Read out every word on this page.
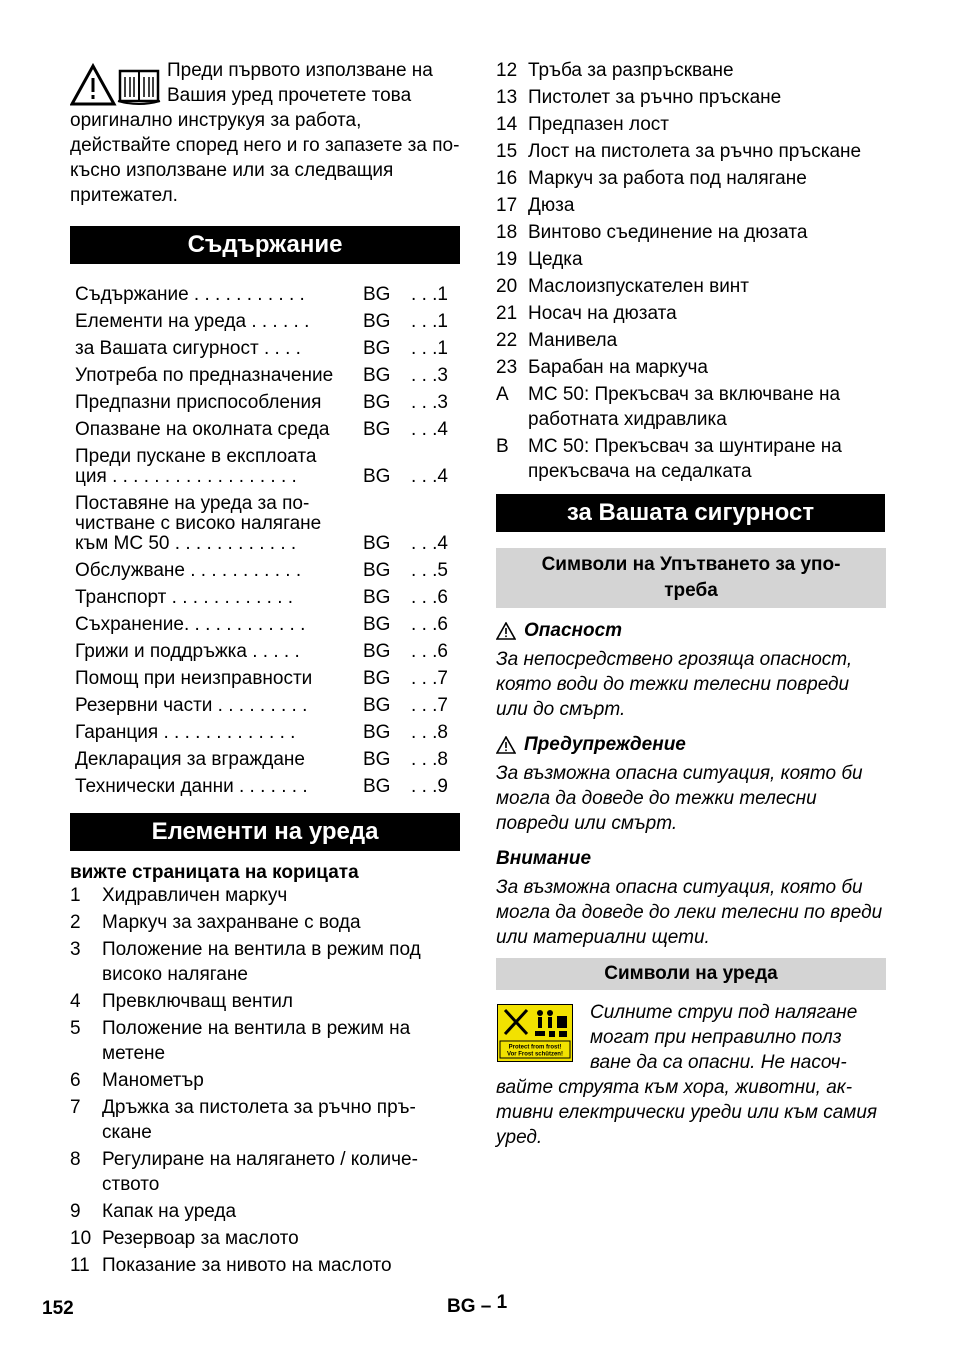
Преди първото използване на

Вашия уред прочетете това

оригинално инструкуя за работа, действайте според него и го запазете за по-късно използване или за следващия притежател.

Съдържание
Съдържание . . . . . . . . . . .	BG	. . .1
Елементи на уреда . . . . . .	BG	. . .1
за Вашата сигурност . . . .	BG	. . .1
Употреба по предназначение	BG	. . .3
Предпазни приспособления	BG	. . .3
Опазване на околната среда	BG	. . .4
Преди пускане в експлоата
ция . . . . . . . . . . . . . . . . . .	BG	. . .4
Поставяне на уреда за по-
чистване с високо налягане
към MC 50 . . . . . . . . . . . .	BG	. . .4
Обслужване . . . . . . . . . . .	BG	. . .5
Транспорт . . . . . . . . . . . .	BG	. . .6
Съхранение. . . . . . . . . . . .	BG	. . .6
Грижи и поддръжка . . . . .	BG	. . .6
Помощ при неизправности	BG	. . .7
Резервни части . . . . . . . . .	BG	. . .7
Гаранция . . . . . . . . . . . . .	BG	. . .8
Декларация за вграждане	BG	. . .8
Технически данни . . . . . . .	BG	. . .9
Елементи на уреда
вижте страницата на корицата
1	Хидравличен маркуч
2	Маркуч за захранване с вода
3	Положение на вентила в режим под високо налягане
4	Превключващ вентил
5	Положение на вентила в режим на метене
6	Манометър
7	Дръжка за пистолета за ръчно пръ-скане
8	Регулиране на налягането / количе-ството
9	Капак на уреда
10 Резервоар за маслото
11 Показание за нивото на маслото
12 Тръба за разпръскване
13 Пистолет за ръчно пръскане
14 Предпазен лост
15 Лост на пистолета за ръчно пръскане
16 Маркуч за работа под налягане
17 Дюза
18 Винтово съединение на дюзата
19 Цедка
20 Маслоизпускателен винт
21 Носач на дюзата
22 Манивела
23 Барабан на маркуча
A	MC 50: Прекъсвач за включване на работната хидравлика
B	MC 50: Прекъсвач за шунтиране на прекъсвача на седалката
за Вашата сигурност
Символи на Упътването за упо-
треба
Опасност

За непосредствено грозяща опасност, която води до тежки телесни повреди или до смърт.

Предупреждение

За възможна опасна ситуация, която би могла да доведе до тежки телесни повреди или смърт.

Внимание

За възможна опасна ситуация, която би могла да доведе до леки телесни по вреди или материални щети.

Символи на уреда
Protect from frost!
Vor Frost schützen!

Силните струи под налягане

могат при неправилно полз

ване да са опасни. Не насоч-

вайте струята към хора, животни, ак-тивни електрически уреди или към самия уред.

152	BG – 1
